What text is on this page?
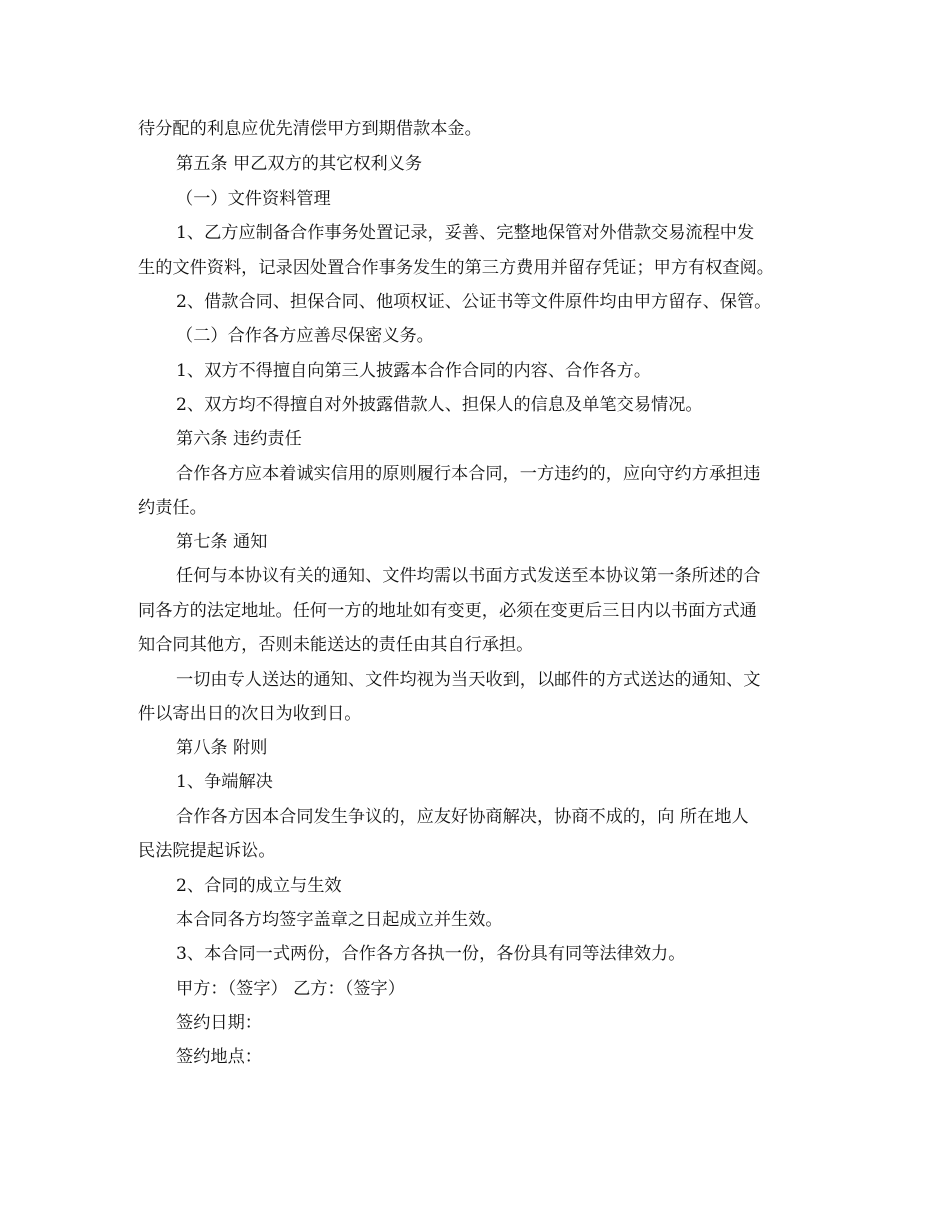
待分配的利息应优先清偿甲方到期借款本金。

第五条 甲乙双方的其它权利义务

（一）文件资料管理

1、乙方应制备合作事务处置记录，妥善、完整地保管对外借款交易流程中发

生的文件资料，记录因处置合作事务发生的第三方费用并留存凭证；甲方有权查阅。

2、借款合同、担保合同、他项权证、公证书等文件原件均由甲方留存、保管。

（二）合作各方应善尽保密义务。

1、双方不得擅自向第三人披露本合作合同的内容、合作各方。

2、双方均不得擅自对外披露借款人、担保人的信息及单笔交易情况。

第六条 违约责任

合作各方应本着诚实信用的原则履行本合同，一方违约的，应向守约方承担违

约责任。

第七条 通知

任何与本协议有关的通知、文件均需以书面方式发送至本协议第一条所述的合

同各方的法定地址。任何一方的地址如有变更，必须在变更后三日内以书面方式通

知合同其他方，否则未能送达的责任由其自行承担。

一切由专人送达的通知、文件均视为当天收到，以邮件的方式送达的通知、文

件以寄出日的次日为收到日。

第八条 附则

1、争端解决

合作各方因本合同发生争议的，应友好协商解决，协商不成的，向 所在地人

民法院提起诉讼。

2、合同的成立与生效

本合同各方均签字盖章之日起成立并生效。

3、本合同一式两份，合作各方各执一份，各份具有同等法律效力。

甲方：（签字） 乙方：（签字）

签约日期：

签约地点：
